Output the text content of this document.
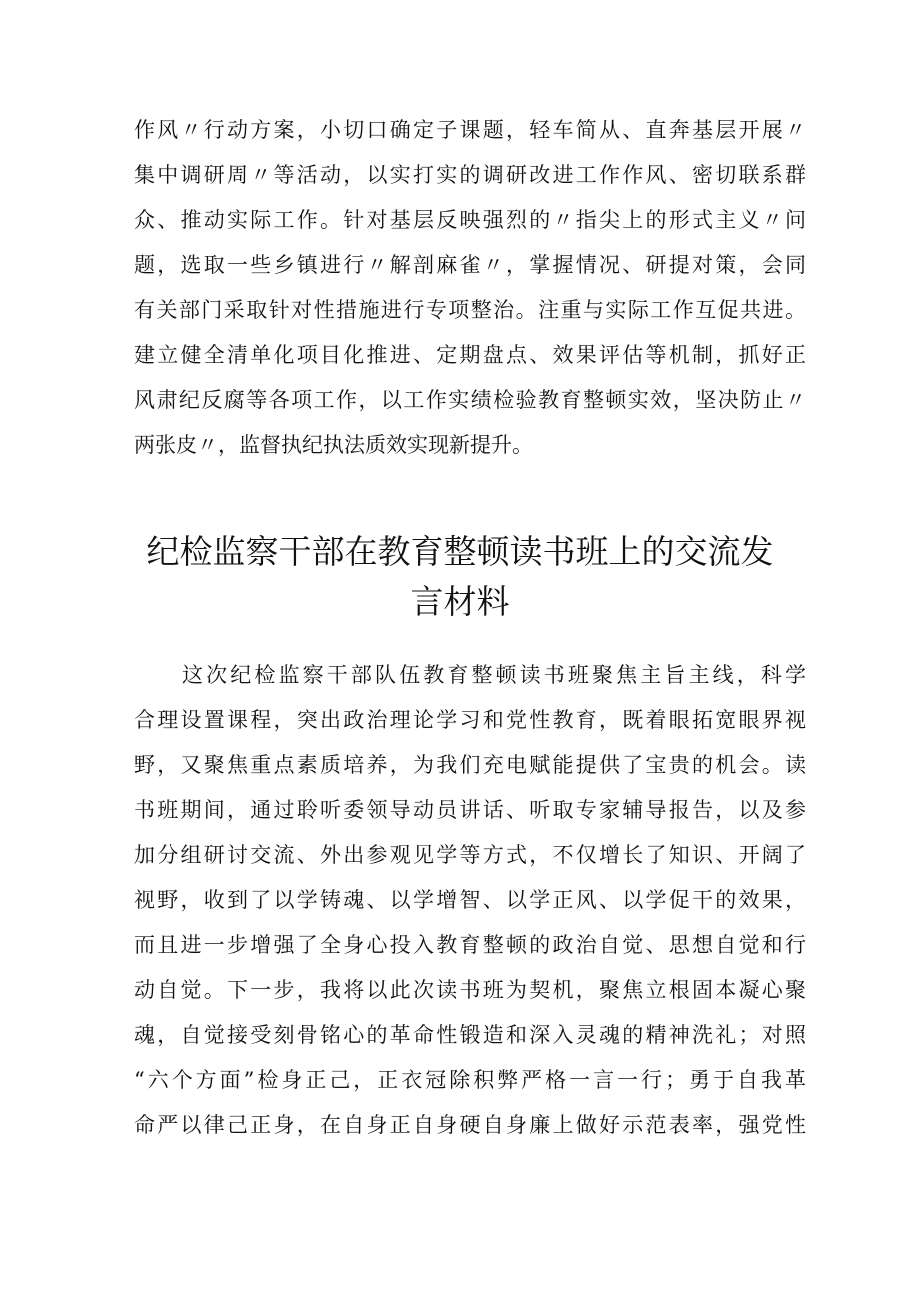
作风〃行动方案，小切口确定子课题，轻车简从、直奔基层开展〃
集中调研周〃等活动，以实打实的调研改进工作作风、密切联系群
众、推动实际工作。针对基层反映强烈的〃指尖上的形式主义〃问
题，选取一些乡镇进行〃解剖麻雀〃，掌握情况、研提对策，会同
有关部门采取针对性措施进行专项整治。注重与实际工作互促共进。
建立健全清单化项目化推进、定期盘点、效果评估等机制，抓好正
风肃纪反腐等各项工作，以工作实绩检验教育整顿实效，坚决防止〃
两张皮〃，监督执纪执法质效实现新提升。
纪检监察干部在教育整顿读书班上的交流发
言材料
这次纪检监察干部队伍教育整顿读书班聚焦主旨主线，科学
合理设置课程，突出政治理论学习和党性教育，既着眼拓宽眼界视
野，又聚焦重点素质培养，为我们充电赋能提供了宝贵的机会。读
书班期间，通过聆听委领导动员讲话、听取专家辅导报告，以及参
加分组研讨交流、外出参观见学等方式，不仅增长了知识、开阔了
视野，收到了以学铸魂、以学增智、以学正风、以学促干的效果，
而且进一步增强了全身心投入教育整顿的政治自觉、思想自觉和行
动自觉。下一步，我将以此次读书班为契机，聚焦立根固本凝心聚
魂，自觉接受刻骨铭心的革命性锻造和深入灵魂的精神洗礼；对照
“六个方面”检身正己，正衣冠除积弊严格一言一行；勇于自我革
命严以律己正身，在自身正自身硬自身廉上做好示范表率，强党性
